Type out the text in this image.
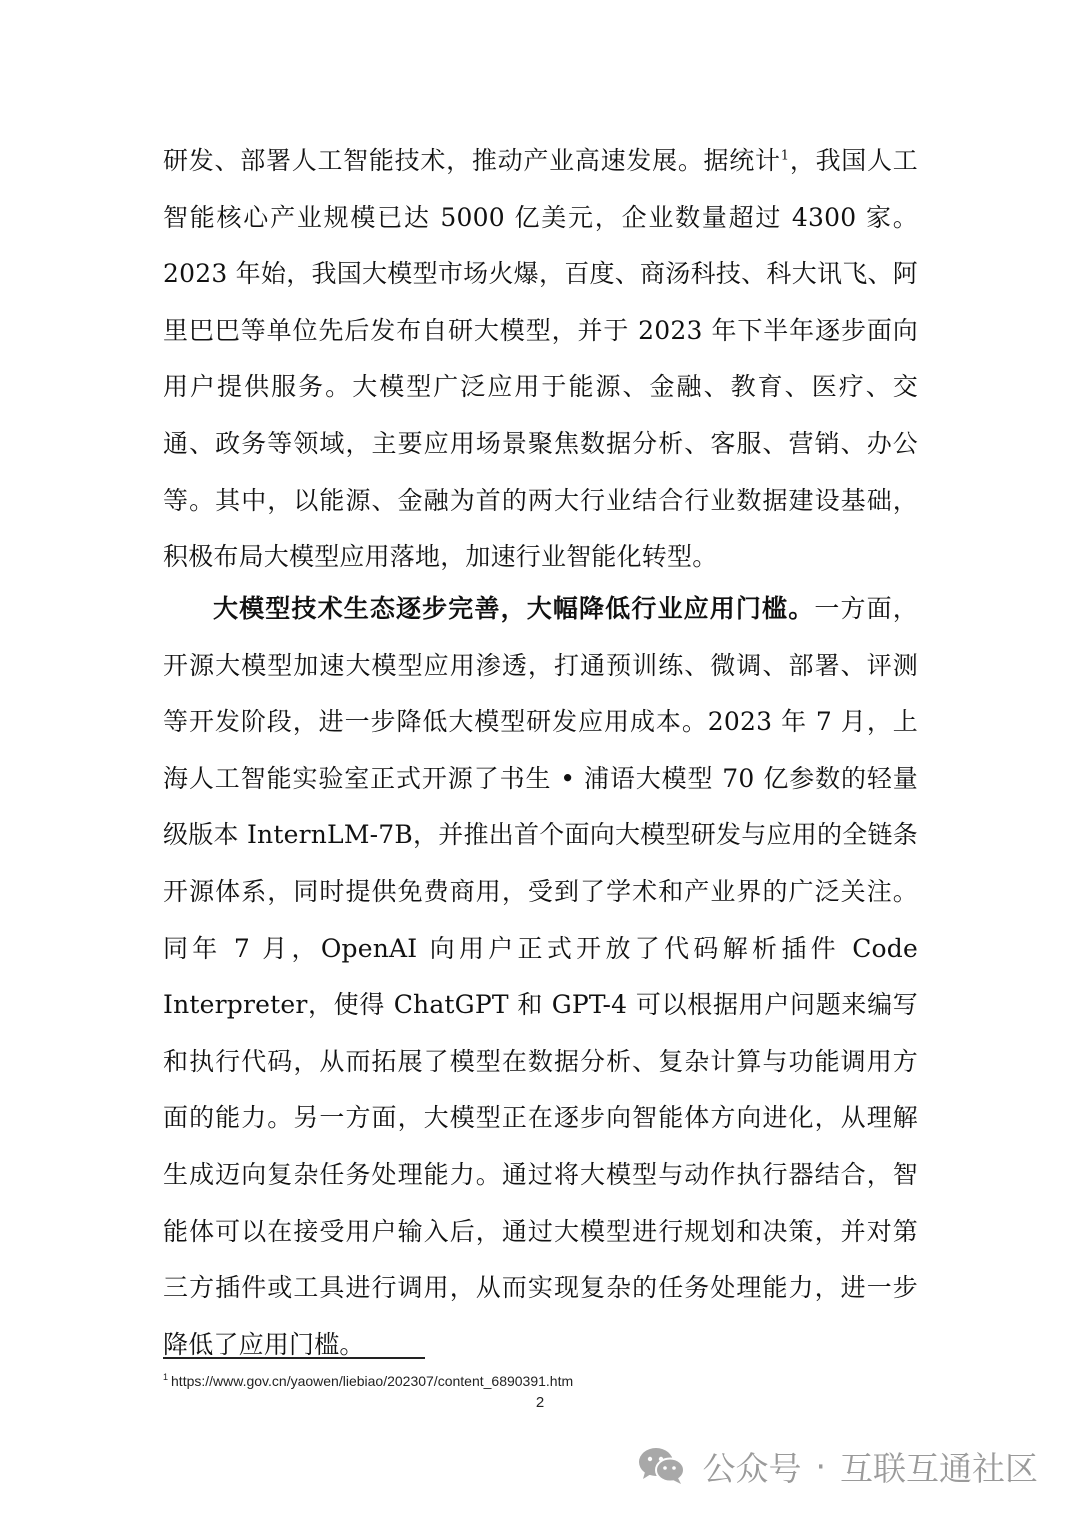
研发、部署人工智能技术，推动产业高速发展。据统计$^1$，我国人工智能核心产业规模已达 5000 亿美元，企业数量超过 4300 家。2023 年始，我国大模型市场火爆，百度、商汤科技、科大讯飞、阿里巴巴等单位先后发布自研大模型，并于 2023 年下半年逐步面向用户提供服务。大模型广泛应用于能源、金融、教育、医疗、交通、政务等领域，主要应用场景聚焦数据分析、客服、营销、办公等。其中，以能源、金融为首的两大行业结合行业数据建设基础，积极布局大模型应用落地，加速行业智能化转型。

大模型技术生态逐步完善，大幅降低行业应用门槛。一方面，开源大模型加速大模型应用渗透，打通预训练、微调、部署、评测等开发阶段，进一步降低大模型研发应用成本。2023 年 7 月，上海人工智能实验室正式开源了书生 • 浦语大模型 70 亿参数的轻量级版本 InternLM-7B，并推出首个面向大模型研发与应用的全链条开源体系，同时提供免费商用，受到了学术和产业界的广泛关注。同年 7 月，OpenAI 向用户正式开放了代码解析插件 Code Interpreter，使得 ChatGPT 和 GPT-4 可以根据用户问题来编写和执行代码，从而拓展了模型在数据分析、复杂计算与功能调用方面的能力。另一方面，大模型正在逐步向智能体方向进化，从理解生成迈向复杂任务处理能力。通过将大模型与动作执行器结合，智能体可以在接受用户输入后，通过大模型进行规划和决策，并对第三方插件或工具进行调用，从而实现复杂的任务处理能力，进一步降低了应用门槛。

$^1$ https://www.gov.cn/yaowen/liebiao/202307/content_6890391.htm
2
公众号 · 互联互通社区
